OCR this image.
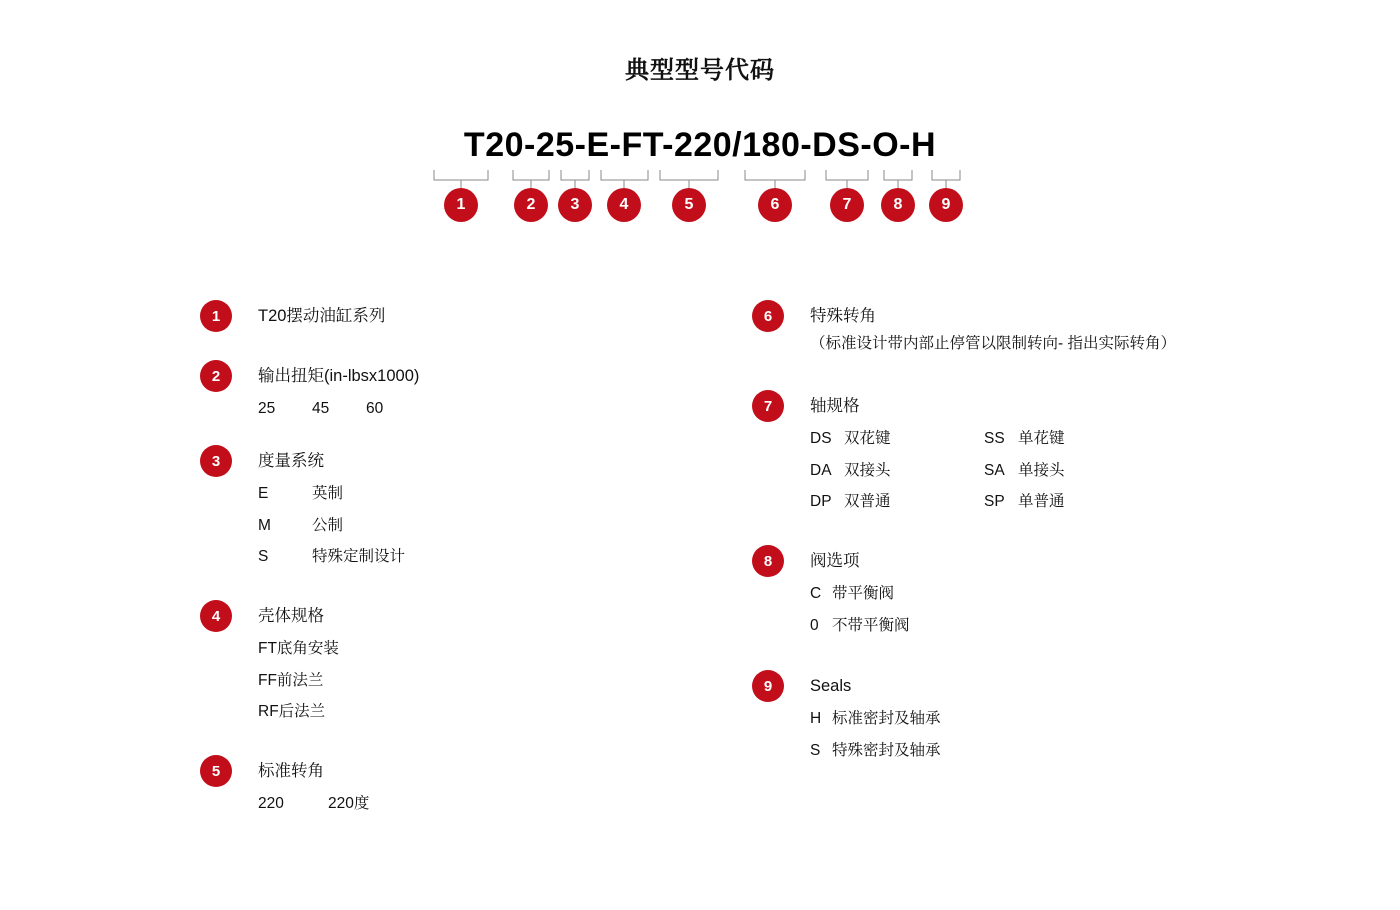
典型型号代码
T20-25-E-FT-220/180-DS-O-H
1	2	3	4	5	6	7	8	9
1	T20摆动油缸系列
2	输出扭矩(in-lbsx1000)
25 45 60
3	度量系统
E	英制
M	公制
S	特殊定制设计
4	壳体规格
FT底角安装
FF前法兰
RF后法兰
5	标准转角
220	220度
6	特殊转角
（标准设计带内部止停管以限制转向- 指出实际转角）
7	轴规格
DS 双花键	SS 单花键
DA 双接头	SA 单接头
DP 双普通	SP 单普通
8	阀选项
C 带平衡阀
0 不带平衡阀
9	Seals
H 标准密封及轴承
S 特殊密封及轴承
